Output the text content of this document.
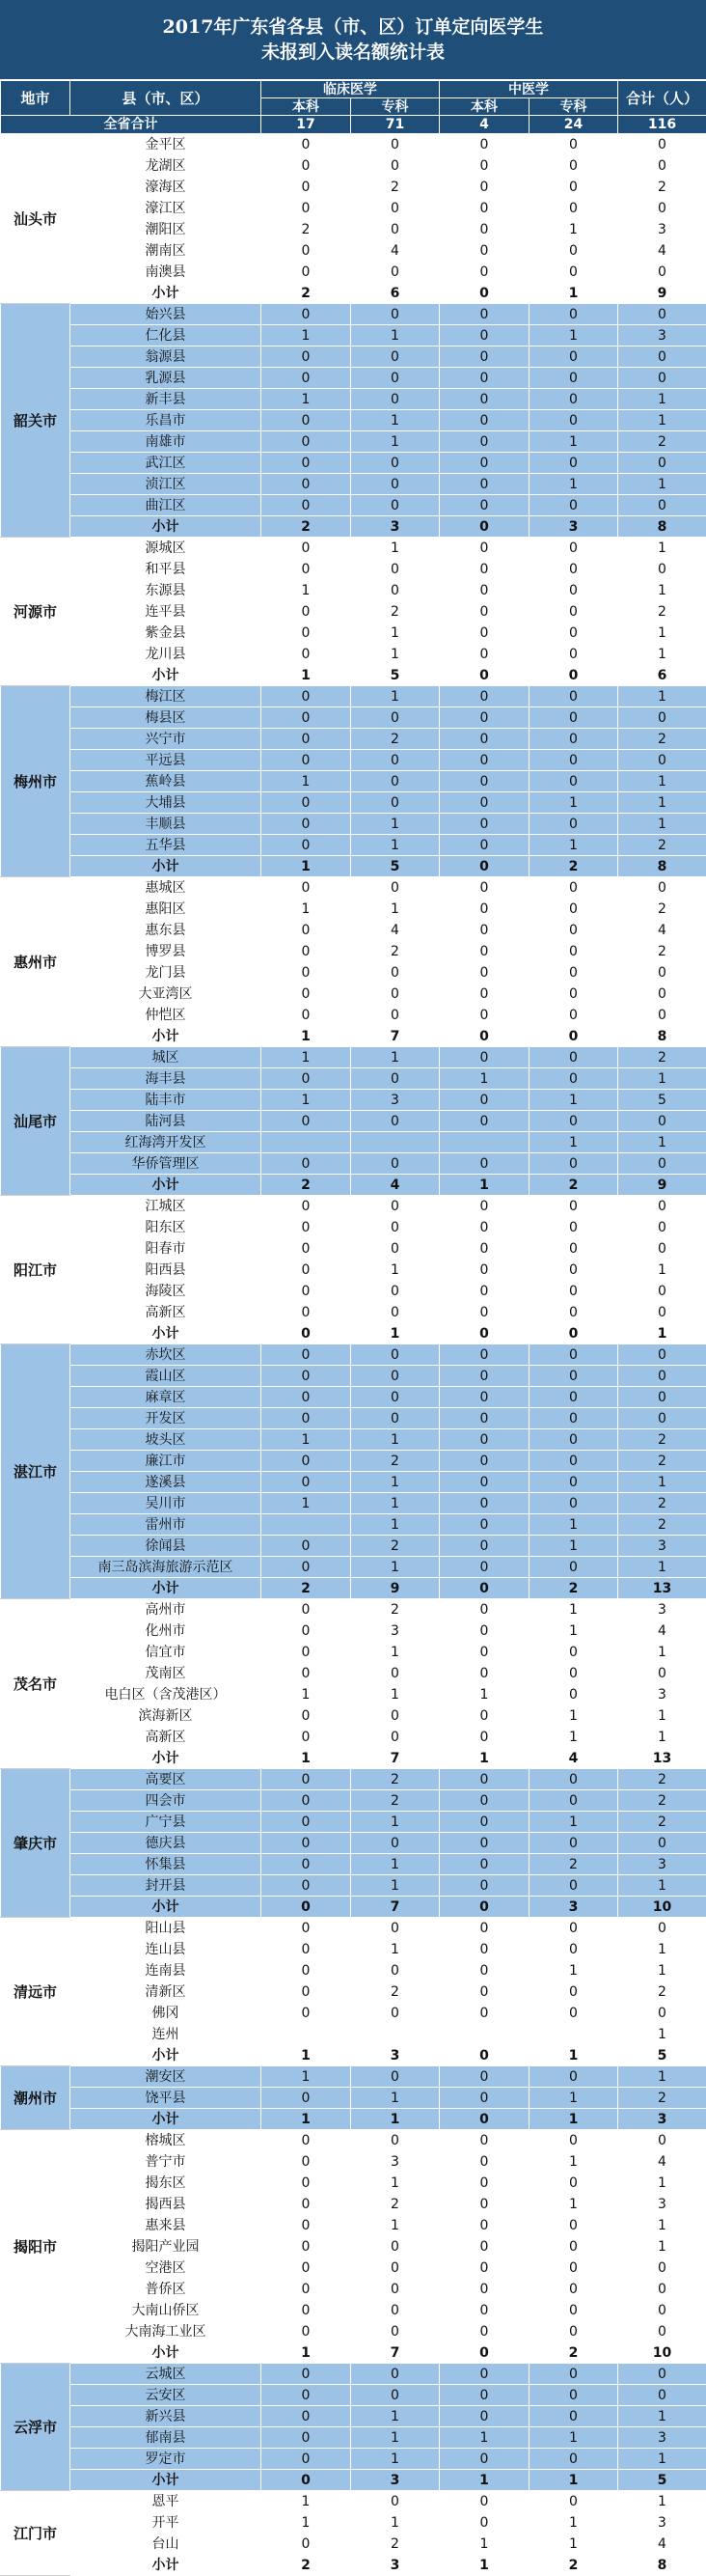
2017年广东省各县（市、区）订单定向医学生
未报到入读名额统计表
地市	县（市、区）	临床医学		中医学		合计（人）
		本科	专科	本科	专科	
全省合计		17	71	4	24	116
汕头市	金平区	0	0	0	0	0
	龙湖区	0	0	0	0	0
	濠海区	0	2	0	0	2
	濠江区	0	0	0	0	0
	潮阳区	2	0	0	1	3
	潮南区	0	4	0	0	4
	南澳县	0	0	0	0	0
	小计	2	6	0	1	9
韶关市	始兴县	0	0	0	0	0
	仁化县	1	1	0	1	3
	翁源县	0	0	0	0	0
	乳源县	0	0	0	0	0
	新丰县	1	0	0	0	1
	乐昌市	0	1	0	0	1
	南雄市	0	1	0	1	2
	武江区	0	0	0	0	0
	浈江区	0	0	0	1	1
	曲江区	0	0	0	0	0
	小计	2	3	0	3	8
河源市	源城区	0	1	0	0	1
	和平县	0	0	0	0	0
	东源县	1	0	0	0	1
	连平县	0	2	0	0	2
	紫金县	0	1	0	0	1
	龙川县	0	1	0	0	1
	小计	1	5	0	0	6
梅州市	梅江区	0	1	0	0	1
	梅县区	0	0	0	0	0
	兴宁市	0	2	0	0	2
	平远县	0	0	0	0	0
	蕉岭县	1	0	0	0	1
	大埔县	0	0	0	1	1
	丰顺县	0	1	0	0	1
	五华县	0	1	0	1	2
	小计	1	5	0	2	8
惠州市	惠城区	0	0	0	0	0
	惠阳区	1	1	0	0	2
	惠东县	0	4	0	0	4
	博罗县	0	2	0	0	2
	龙门县	0	0	0	0	0
	大亚湾区	0	0	0	0	0
	仲恺区	0	0	0	0	0
	小计	1	7	0	0	8
汕尾市	城区	1	1	0	0	2
	海丰县	0	0	1	0	1
	陆丰市	1	3	0	1	5
	陆河县	0	0	0	0	0
	红海湾开发区				1	1
	华侨管理区	0	0	0	0	0
	小计	2	4	1	2	9
阳江市	江城区	0	0	0	0	0
	阳东区	0	0	0	0	0
	阳春市	0	0	0	0	0
	阳西县	0	1	0	0	1
	海陵区	0	0	0	0	0
	高新区	0	0	0	0	0
	小计	0	1	0	0	1
湛江市	赤坎区	0	0	0	0	0
	霞山区	0	0	0	0	0
	麻章区	0	0	0	0	0
	开发区	0	0	0	0	0
	坡头区	1	1	0	0	2
	廉江市	0	2	0	0	2
	遂溪县	0	1	0	0	1
	吴川市	1	1	0	0	2
	雷州市		1	0	1	2
	徐闻县	0	2	0	1	3
	南三岛滨海旅游示范区	0	1	0	0	1
	小计	2	9	0	2	13
茂名市	高州市	0	2	0	1	3
	化州市	0	3	0	1	4
	信宜市	0	1	0	0	1
	茂南区	0	0	0	0	0
	电白区（含茂港区）	1	1	1	0	3
	滨海新区	0	0	0	1	1
	高新区	0	0	0	1	1
	小计	1	7	1	4	13
肇庆市	高要区	0	2	0	0	2
	四会市	0	2	0	0	2
	广宁县	0	1	0	1	2
	德庆县	0	0	0	0	0
	怀集县	0	1	0	2	3
	封开县	0	1	0	0	1
	小计	0	7	0	3	10
清远市	阳山县	0	0	0	0	0
	连山县	0	1	0	0	1
	连南县	0	0	0	1	1
	清新区	0	2	0	0	2
	佛冈	0	0	0	0	0
	连州					1
	小计	1	3	0	1	5
潮州市	潮安区	1	0	0	0	1
	饶平县	0	1	0	1	2
	小计	1	1	0	1	3
揭阳市	榕城区	0	0	0	0	0
	普宁市	0	3	0	1	4
	揭东区	0	1	0	0	1
	揭西县	0	2	0	1	3
	惠来县	0	1	0	0	1
	揭阳产业园	0	0	0	0	1
	空港区	0	0	0	0	0
	普侨区	0	0	0	0	0
	大南山侨区	0	0	0	0	0
	大南海工业区	0	0	0	0	0
	小计	1	7	0	2	10
云浮市	云城区	0	0	0	0	0
	云安区	0	0	0	0	0
	新兴县	0	1	0	0	1
	郁南县	0	1	1	1	3
	罗定市	0	1	0	0	1
	小计	0	3	1	1	5
江门市	恩平	1	0	0	0	1
	开平	1	1	0	1	3
	台山	0	2	1	1	4
	小计	2	3	1	2	8
